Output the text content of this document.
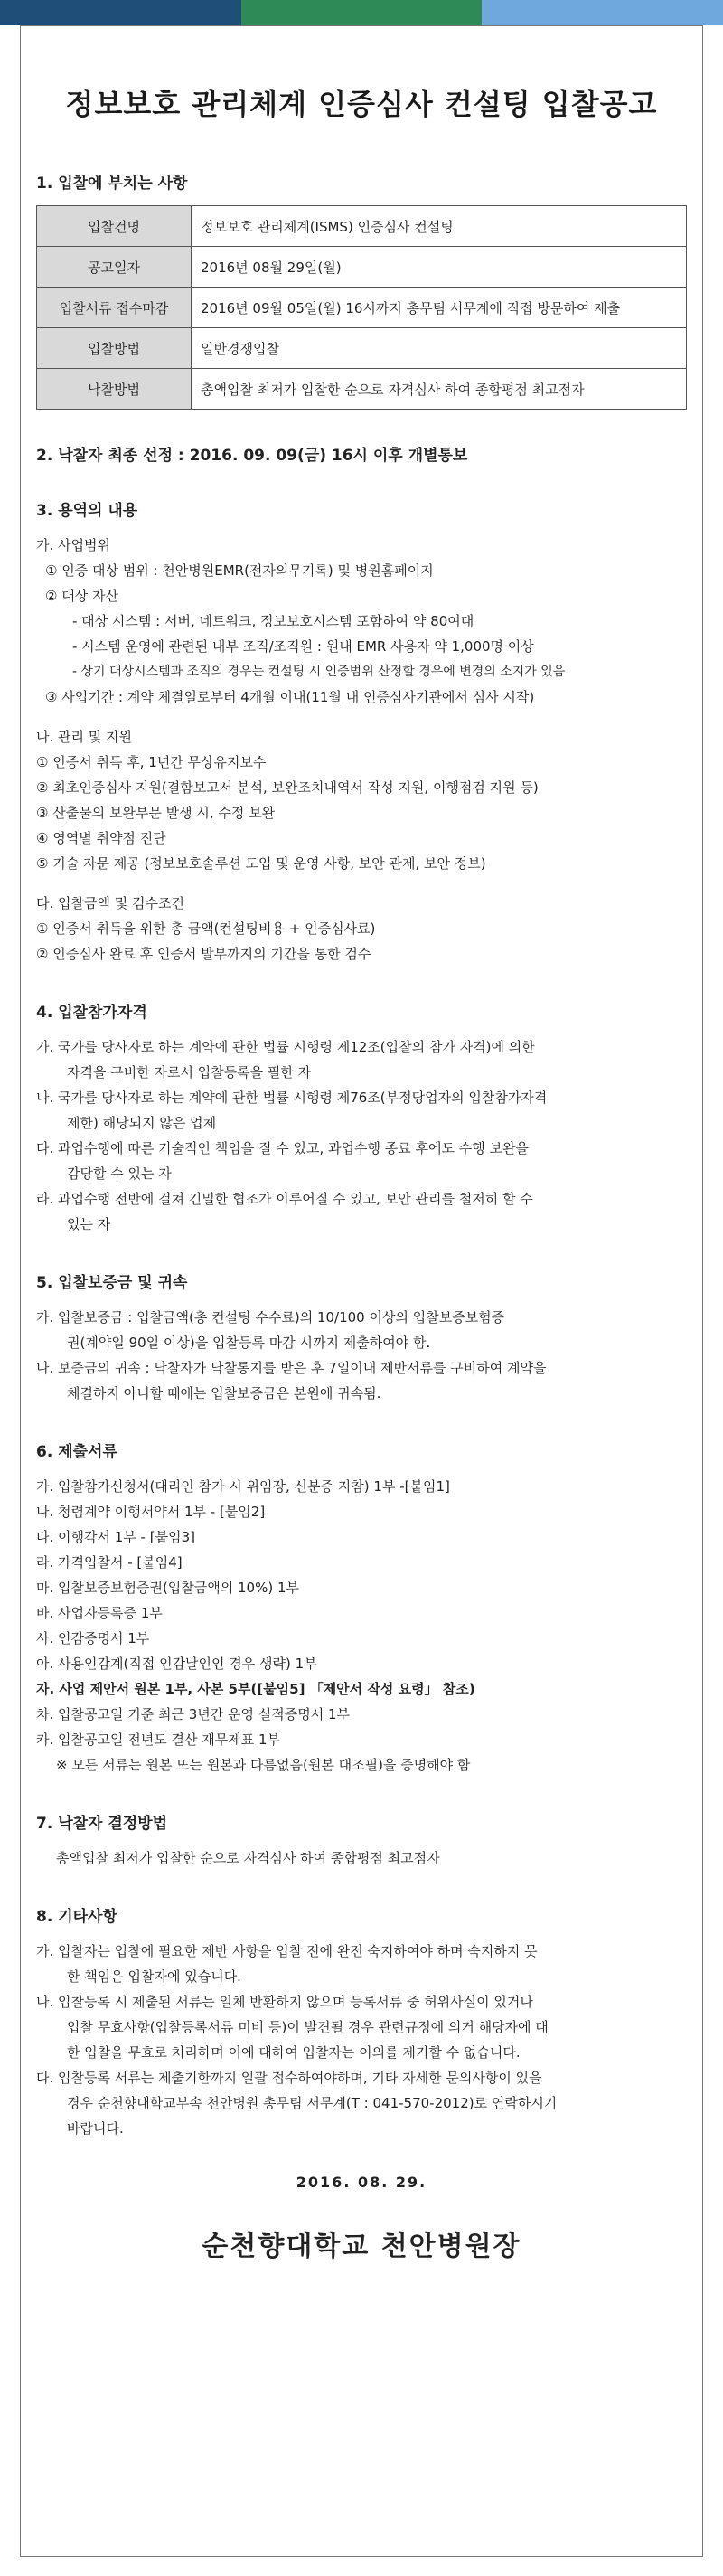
정보보호 관리체계 인증심사 컨설팅 입찰공고
1. 입찰에 부치는 사항
입찰건명	정보보호 관리체계(ISMS) 인증심사 컨설팅
공고일자	2016년 08월 29일(월)
입찰서류 접수마감	2016년 09월 05일(월) 16시까지 총무팀 서무계에 직접 방문하여 제출
입찰방법	일반경쟁입찰
낙찰방법	총액입찰 최저가 입찰한 순으로 자격심사 하여 종합평점 최고점자
2. 낙찰자 최종 선정 : 2016. 09. 09(금) 16시 이후 개별통보
3. 용역의 내용
가. 사업범위
① 인증 대상 범위 : 천안병원EMR(전자의무기록) 및 병원홈페이지
② 대상 자산
- 대상 시스템 : 서버, 네트워크, 정보보호시스템 포함하여 약 80여대
- 시스템 운영에 관련된 내부 조직/조직원 : 원내 EMR 사용자 약 1,000명 이상
- 상기 대상시스템과 조직의 경우는 컨설팅 시 인증범위 산정할 경우에 변경의 소지가 있음
③ 사업기간 : 계약 체결일로부터 4개월 이내(11월 내 인증심사기관에서 심사 시작)
나. 관리 및 지원
① 인증서 취득 후, 1년간 무상유지보수
② 최초인증심사 지원(결함보고서 분석, 보완조치내역서 작성 지원, 이행점검 지원 등)
③ 산출물의 보완부문 발생 시, 수정 보완
④ 영역별 취약점 진단
⑤ 기술 자문 제공 (정보보호솔루션 도입 및 운영 사항, 보안 관제, 보안 정보)
다. 입찰금액 및 검수조건
① 인증서 취득을 위한 총 금액(컨설팅비용 + 인증심사료)
② 인증심사 완료 후 인증서 발부까지의 기간을 통한 검수
4. 입찰참가자격
가. 국가를 당사자로 하는 계약에 관한 법률 시행령 제12조(입찰의 참가 자격)에 의한
자격을 구비한 자로서 입찰등록을 필한 자
나. 국가를 당사자로 하는 계약에 관한 법률 시행령 제76조(부정당업자의 입찰참가자격
제한) 해당되지 않은 업체
다. 과업수행에 따른 기술적인 책임을 질 수 있고, 과업수행 종료 후에도 수행 보완을
감당할 수 있는 자
라. 과업수행 전반에 걸쳐 긴밀한 협조가 이루어질 수 있고, 보안 관리를 철저히 할 수
있는 자
5. 입찰보증금 및 귀속
가. 입찰보증금 : 입찰금액(총 컨설팅 수수료)의 10/100 이상의 입찰보증보험증
권(계약일 90일 이상)을 입찰등록 마감 시까지 제출하여야 함.
나. 보증금의 귀속 : 낙찰자가 낙찰통지를 받은 후 7일이내 제반서류를 구비하여 계약을
체결하지 아니할 때에는 입찰보증금은 본원에 귀속됨.
6. 제출서류
가. 입찰참가신청서(대리인 참가 시 위임장, 신분증 지참) 1부 -[붙임1]
나. 청렴계약 이행서약서 1부 - [붙임2]
다. 이행각서 1부 - [붙임3]
라. 가격입찰서 - [붙임4]
마. 입찰보증보험증권(입찰금액의 10%) 1부
바. 사업자등록증 1부
사. 인감증명서 1부
아. 사용인감계(직접 인감날인인 경우 생략) 1부
자. 사업 제안서 원본 1부, 사본 5부([붙임5] 「제안서 작성 요령」 참조)
차. 입찰공고일 기준 최근 3년간 운영 실적증명서 1부
카. 입찰공고일 전년도 결산 재무제표 1부
※ 모든 서류는 원본 또는 원본과 다름없음(원본 대조필)을 증명해야 함
7. 낙찰자 결정방법
총액입찰 최저가 입찰한 순으로 자격심사 하여 종합평점 최고점자
8. 기타사항
가. 입찰자는 입찰에 필요한 제반 사항을 입찰 전에 완전 숙지하여야 하며 숙지하지 못
한 책임은 입찰자에 있습니다.
나. 입찰등록 시 제출된 서류는 일체 반환하지 않으며 등록서류 중 허위사실이 있거나
입찰 무효사항(입찰등록서류 미비 등)이 발견될 경우 관련규정에 의거 해당자에 대
한 입찰을 무효로 처리하며 이에 대하여 입찰자는 이의를 제기할 수 없습니다.
다. 입찰등록 서류는 제출기한까지 일괄 접수하여야하며, 기타 자세한 문의사항이 있을
경우 순천향대학교부속 천안병원 총무팀 서무계(T : 041-570-2012)로 연락하시기
바랍니다.
2016. 08. 29.
순천향대학교 천안병원장
